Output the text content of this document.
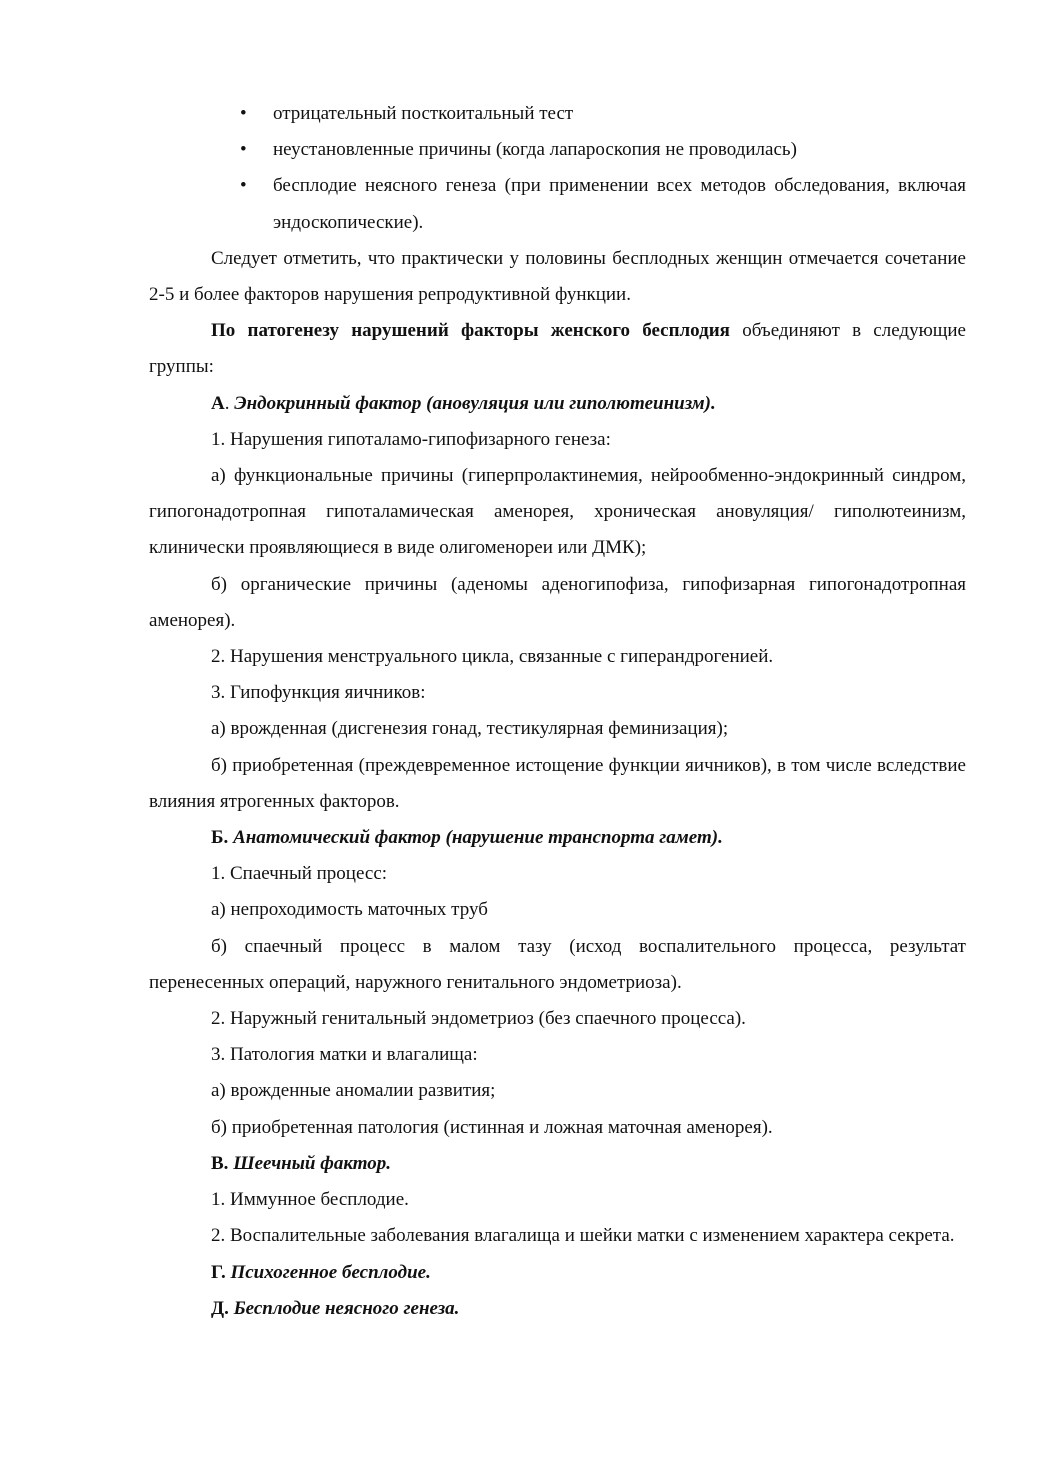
• отрицательный посткоитальный тест
• неустановленные причины (когда лапароскопия не проводилась)
• бесплодие неясного генеза (при применении всех методов обследования, включая эндоскопические).

Следует отметить, что практически у половины бесплодных женщин отмечается сочетание 2-5 и более факторов нарушения репродуктивной функции.

По патогенезу нарушений факторы женского бесплодия объединяют в следующие группы:

А. Эндокринный фактор (ановуляция или гиполютеинизм).

1. Нарушения гипоталамо-гипофизарного генеза:

а) функциональные причины (гиперпролактинемия, нейрообменно-эндокринный синдром, гипогонадотропная гипоталамическая аменорея, хроническая ановуляция/ гиполютеинизм, клинически проявляющиеся в виде олигоменореи или ДМК);

б) органические причины (аденомы аденогипофиза, гипофизарная гипогонадотропная аменорея).

2. Нарушения менструального цикла, связанные с гиперандрогенией.

3. Гипофункция яичников:

а) врожденная (дисгенезия гонад, тестикулярная феминизация);

б) приобретенная (преждевременное истощение функции яичников), в том числе вследствие влияния ятрогенных факторов.

Б. Анатомический фактор (нарушение транспорта гамет).

1. Спаечный процесс:

а) непроходимость маточных труб

б) спаечный процесс в малом тазу (исход воспалительного процесса, результат перенесенных операций, наружного генитального эндометриоза).

2. Наружный генитальный эндометриоз (без спаечного процесса).

3. Патология матки и влагалища:

а) врожденные аномалии развития;

б) приобретенная патология (истинная и ложная маточная аменорея).

В. Шеечный фактор.

1. Иммунное бесплодие.

2. Воспалительные заболевания влагалища и шейки матки с изменением характера секрета.

Г. Психогенное бесплодие.

Д. Бесплодие неясного генеза.
